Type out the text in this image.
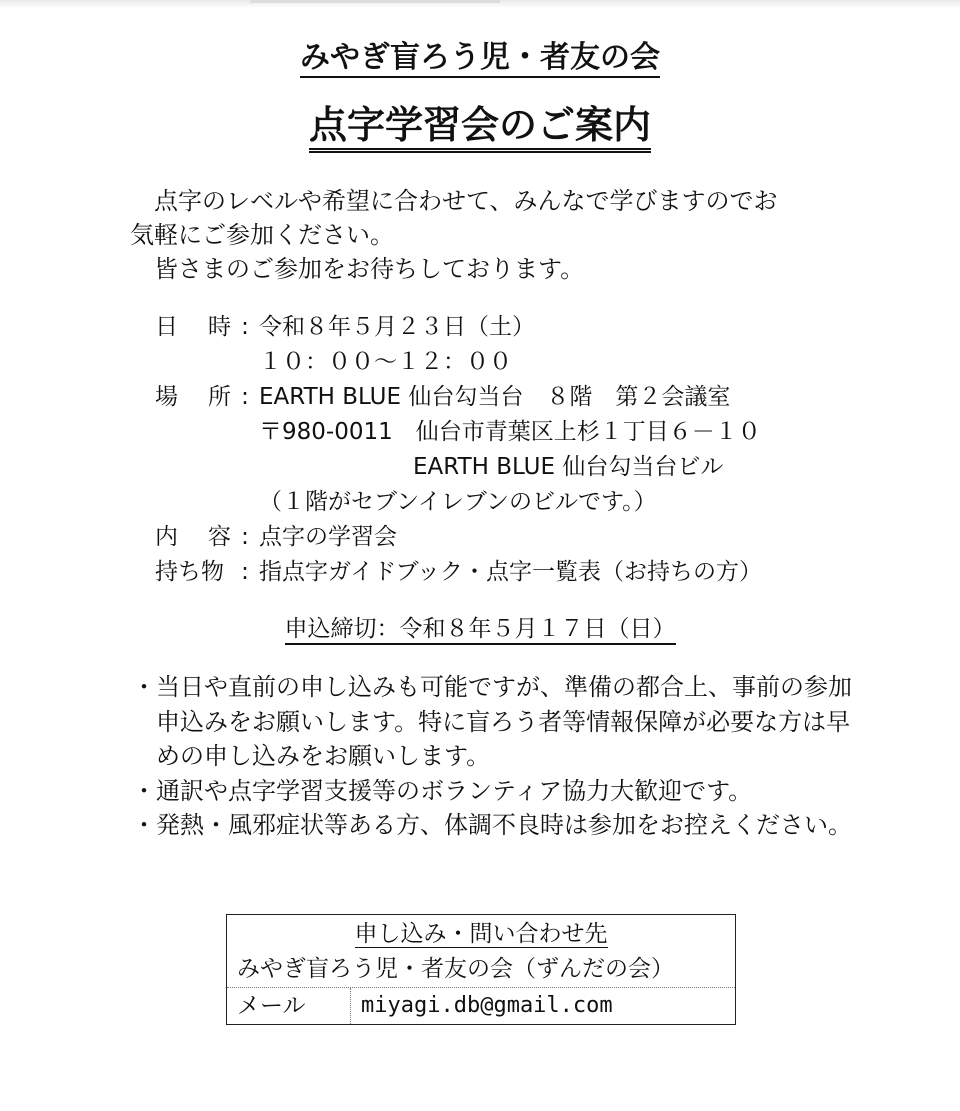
みやぎ盲ろう児・者友の会
点字学習会のご案内

点字のレベルや希望に合わせて、みんなで学びますのでお

気軽にご参加ください。

皆さまのご参加をお待ちしております。

日 時 : 令和８年５月２３日（土）
１０：００～１２：００
場 所 : EARTH BLUE 仙台勾当台　８階　第２会議室
〒980-0011　仙台市青葉区上杉１丁目６－１０
EARTH BLUE 仙台勾当台ビル
（１階がセブンイレブンのビルです。）
内 容 : 点字の学習会
持ち物 : 指点字ガイドブック・点字一覧表（お持ちの方）
申込締切：令和８年５月１７日（日）
・ 当日や直前の申し込みも可能ですが、準備の都合上、事前の参加申込みをお願いします。特に盲ろう者等情報保障が必要な方は早めの申し込みをお願いします。
・ 通訳や点字学習支援等のボランティア協力大歓迎です。
・ 発熱・風邪症状等ある方、体調不良時は参加をお控えください。
申し込み・問い合わせ先
みやぎ盲ろう児・者友の会（ずんだの会）
メール	miyagi.db@gmail.com
